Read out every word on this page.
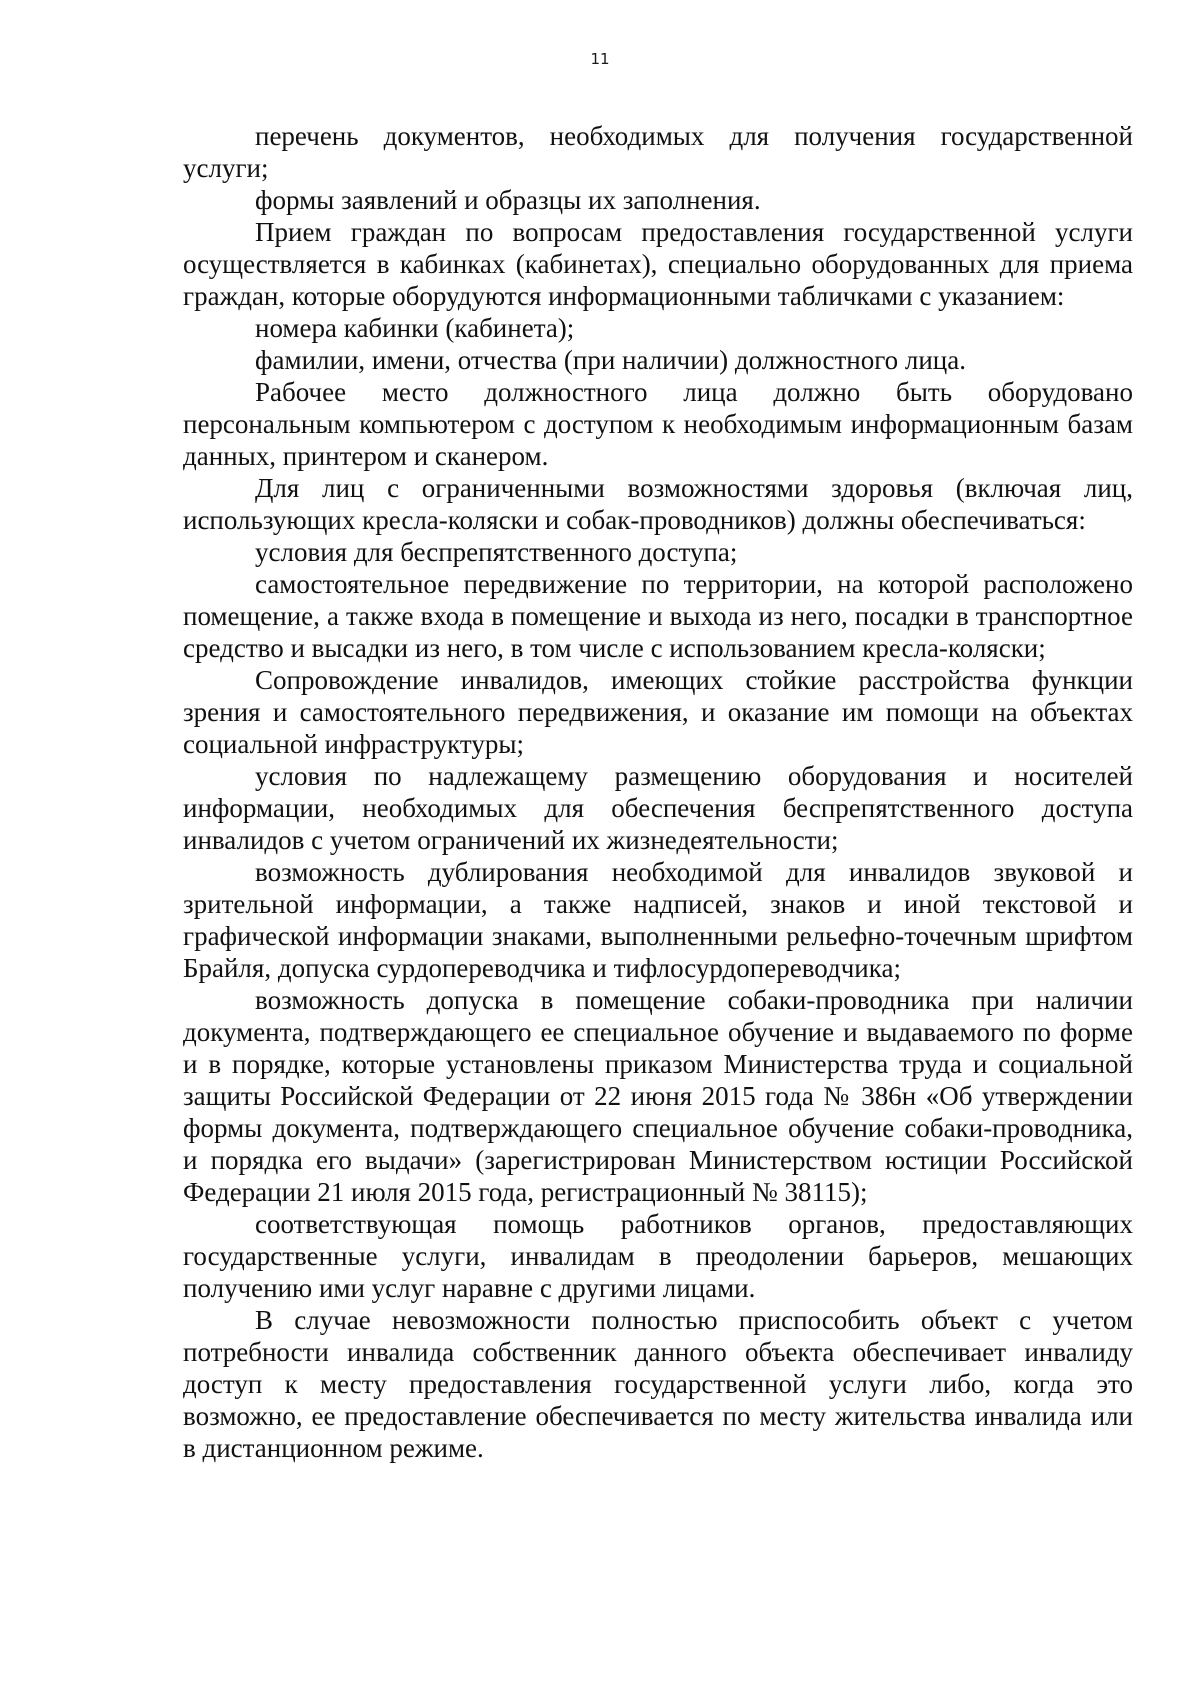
11

перечень документов, необходимых для получения государственной услуги;

формы заявлений и образцы их заполнения.

Прием граждан по вопросам предоставления государственной услуги осуществляется в кабинках (кабинетах), специально оборудованных для приема граждан, которые оборудуются информационными табличками с указанием:

номера кабинки (кабинета);

фамилии, имени, отчества (при наличии) должностного лица.

Рабочее место должностного лица должно быть оборудовано персональным компьютером с доступом к необходимым информационным базам данных, принтером и сканером.

Для лиц с ограниченными возможностями здоровья (включая лиц, использующих кресла-коляски и собак-проводников) должны обеспечиваться:

условия для беспрепятственного доступа;

самостоятельное передвижение по территории, на которой расположено помещение, а также входа в помещение и выхода из него, посадки в транспортное средство и высадки из него, в том числе с использованием кресла-коляски;

Сопровождение инвалидов, имеющих стойкие расстройства функции зрения и самостоятельного передвижения, и оказание им помощи на объектах социальной инфраструктуры;

условия по надлежащему размещению оборудования и носителей информации, необходимых для обеспечения беспрепятственного доступа инвалидов с учетом ограничений их жизнедеятельности;

возможность дублирования необходимой для инвалидов звуковой и зрительной информации, а также надписей, знаков и иной текстовой и графической информации знаками, выполненными рельефно-точечным шрифтом Брайля, допуска сурдопереводчика и тифлосурдопереводчика;

возможность допуска в помещение собаки-проводника при наличии документа, подтверждающего ее специальное обучение и выдаваемого по форме и в порядке, которые установлены приказом Министерства труда и социальной защиты Российской Федерации от 22 июня 2015 года № 386н «Об утверждении формы документа, подтверждающего специальное обучение собаки-проводника, и порядка его выдачи» (зарегистрирован Министерством юстиции Российской Федерации 21 июля 2015 года, регистрационный № 38115);

соответствующая помощь работников органов, предоставляющих государственные услуги, инвалидам в преодолении барьеров, мешающих получению ими услуг наравне с другими лицами.

В случае невозможности полностью приспособить объект с учетом потребности инвалида собственник данного объекта обеспечивает инвалиду доступ к месту предоставления государственной услуги либо, когда это возможно, ее предоставление обеспечивается по месту жительства инвалида или в дистанционном режиме.
